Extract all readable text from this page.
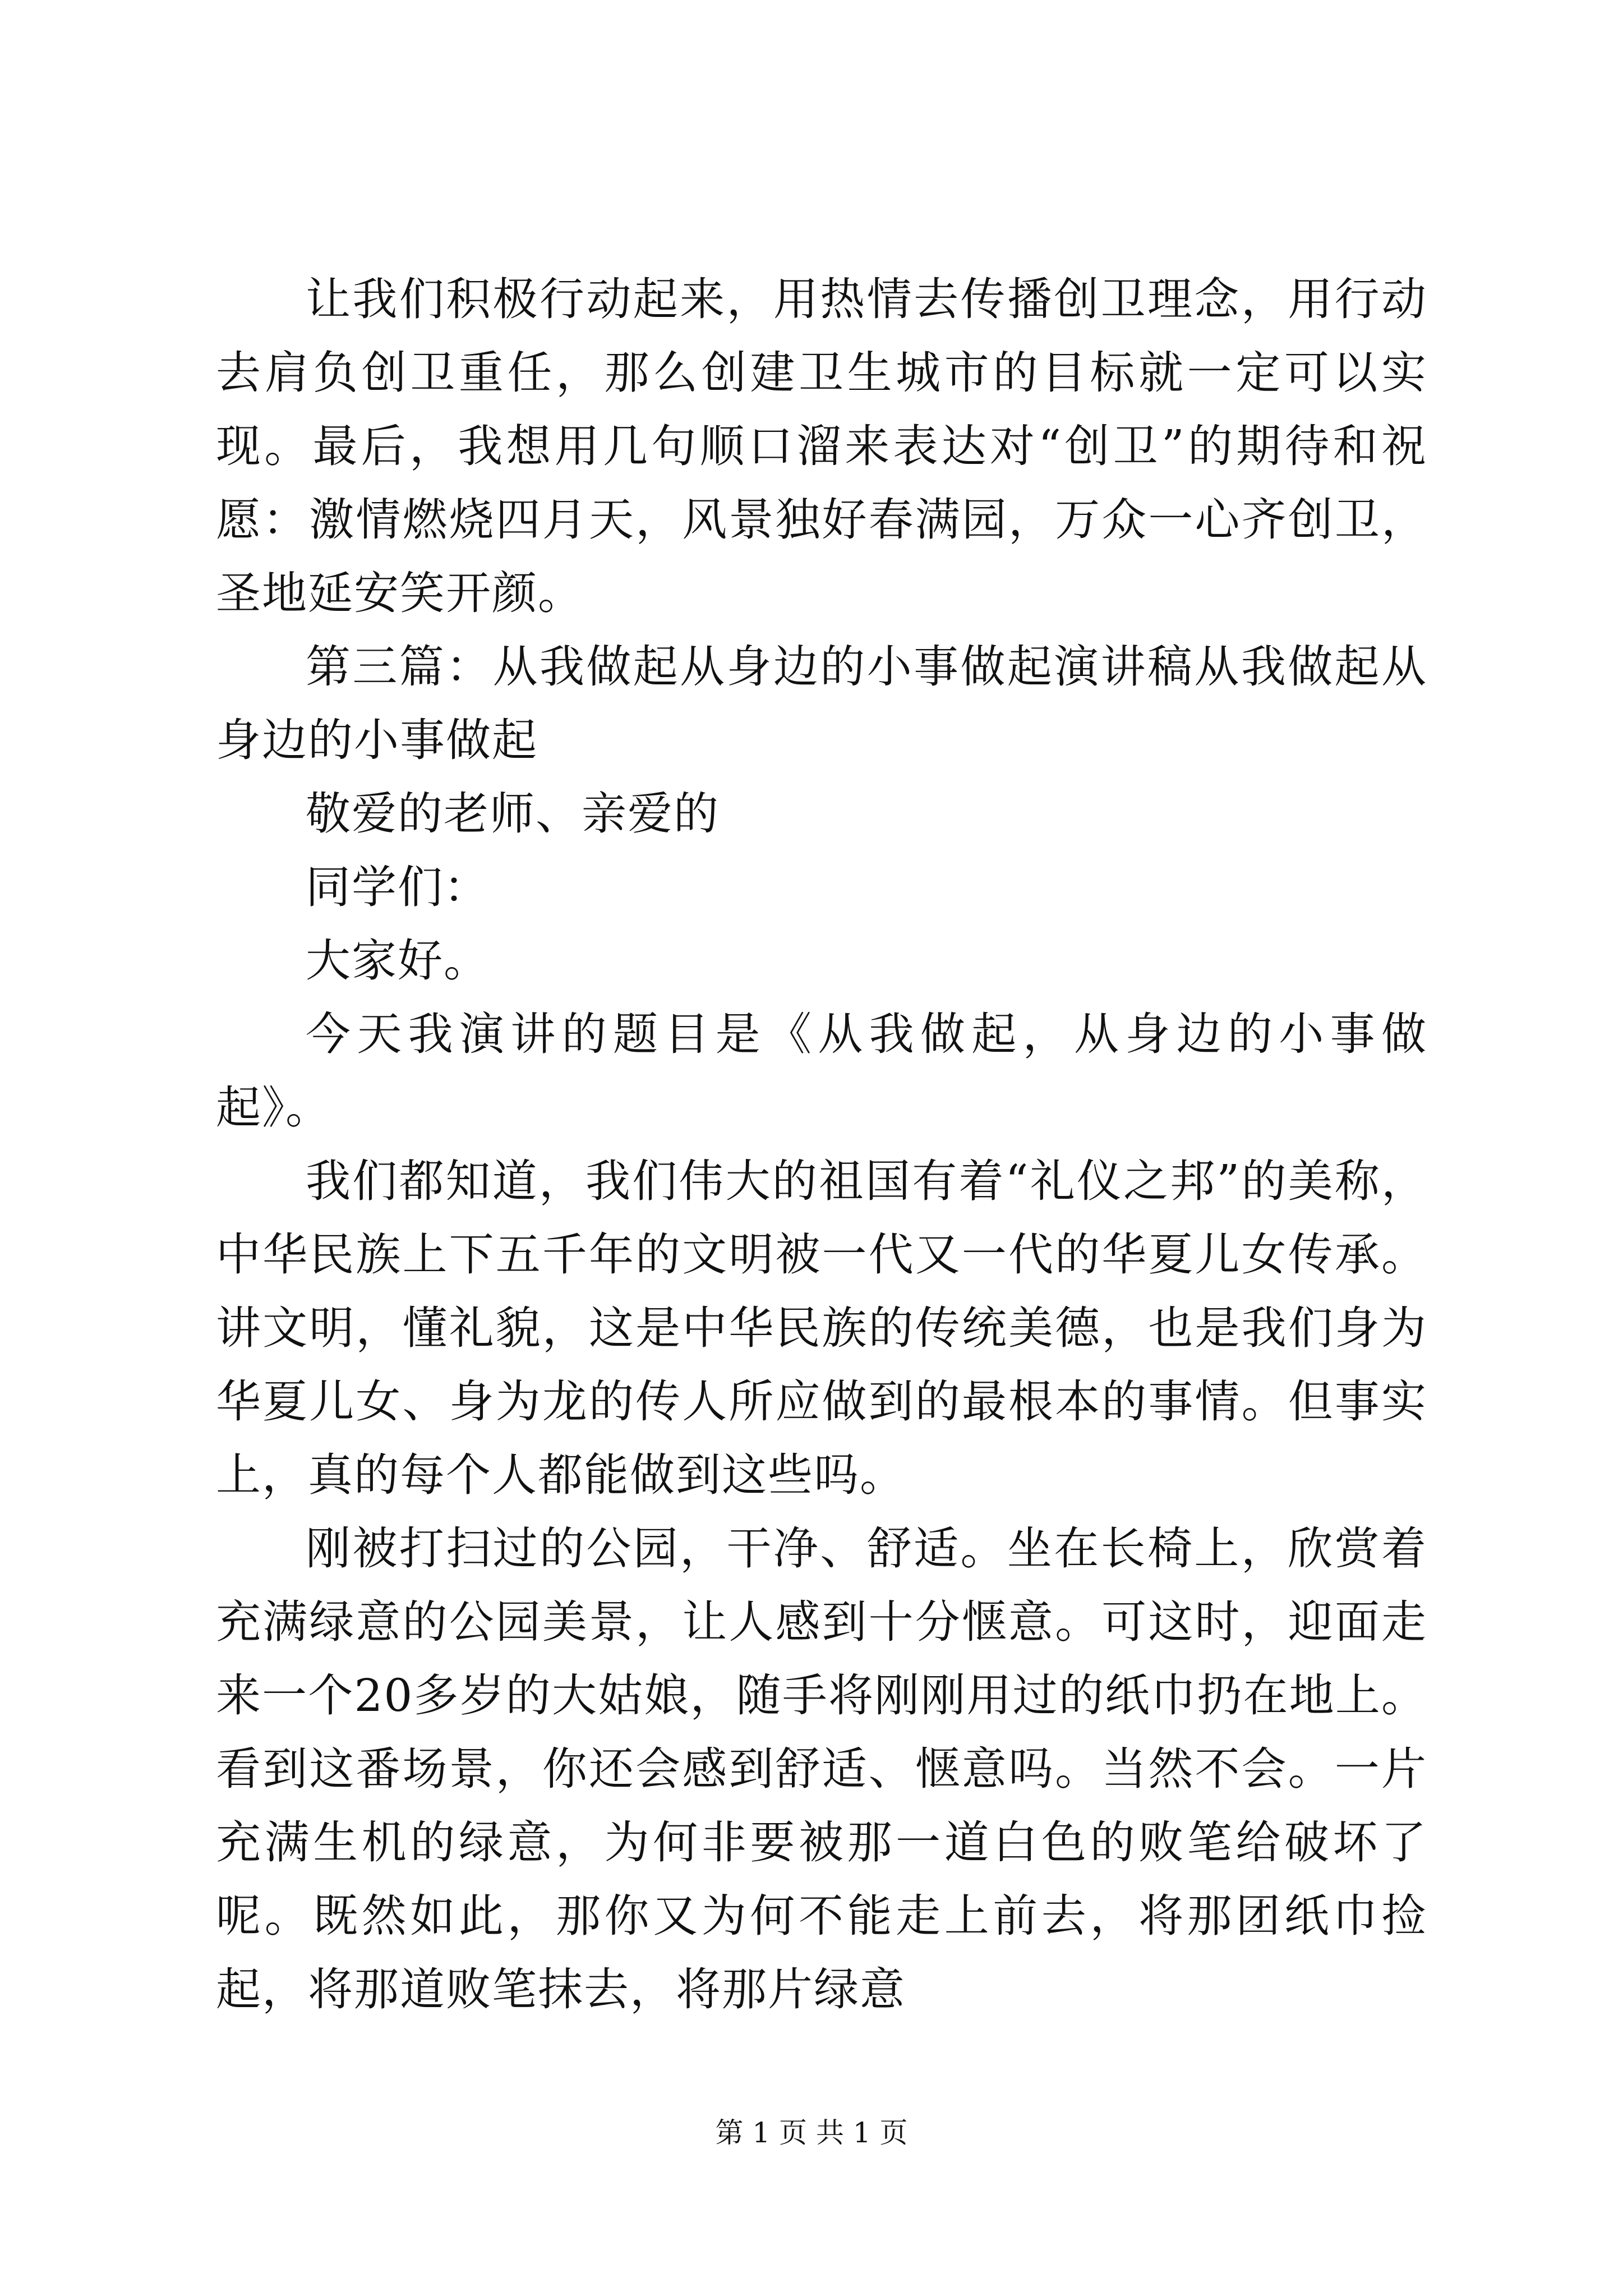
让我们积极行动起来，用热情去传播创卫理念，用行动去肩负创卫重任，那么创建卫生城市的目标就一定可以实现。最后，我想用几句顺口溜来表达对“创卫”的期待和祝愿：激情燃烧四月天，风景独好春满园，万众一心齐创卫，圣地延安笑开颜。

第三篇：从我做起从身边的小事做起演讲稿从我做起从身边的小事做起

敬爱的老师、亲爱的

同学们：

大家好。

今天我演讲的题目是《从我做起，从身边的小事做起》。

我们都知道，我们伟大的祖国有着“礼仪之邦”的美称，中华民族上下五千年的文明被一代又一代的华夏儿女传承。讲文明，懂礼貌，这是中华民族的传统美德，也是我们身为华夏儿女、身为龙的传人所应做到的最根本的事情。但事实上，真的每个人都能做到这些吗。

刚被打扫过的公园，干净、舒适。坐在长椅上，欣赏着充满绿意的公园美景，让人感到十分惬意。可这时，迎面走来一个20多岁的大姑娘，随手将刚刚用过的纸巾扔在地上。看到这番场景，你还会感到舒适、惬意吗。当然不会。一片充满生机的绿意，为何非要被那一道白色的败笔给破坏了呢。既然如此，那你又为何不能走上前去，将那团纸巾捡起，将那道败笔抹去，将那片绿意

第 1 页 共 1 页
